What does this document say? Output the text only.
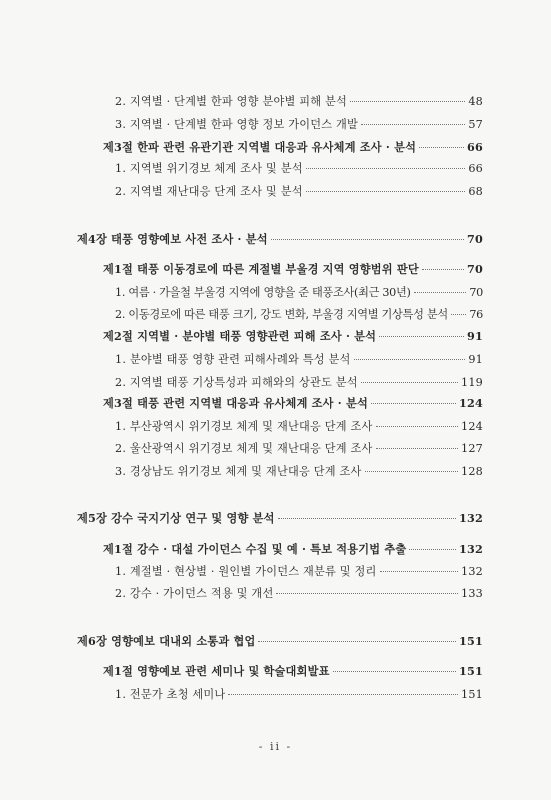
2. 지역별 · 단계별 한파 영향 분야별 피해 분석	48
3. 지역별 · 단계별 한파 영향 정보 가이던스 개발	57
제3절 한파 관련 유관기관 지역별 대응과 유사체계 조사 · 분석	66
1. 지역별 위기경보 체계 조사 및 분석	66
2. 지역별 재난대응 단계 조사 및 분석	68
제4장 태풍 영향예보 사전 조사 · 분석	70
제1절 태풍 이동경로에 따른 계절별 부울경 지역 영향범위 판단	70
1. 여름 · 가을철 부울경 지역에 영향을 준 태풍조사(최근 30년)	70
2. 이동경로에 따른 태풍 크기, 강도 변화, 부울경 지역별 기상특성 분석 76
제2절 지역별 · 분야별 태풍 영향관련 피해 조사 · 분석	91
1. 분야별 태풍 영향 관련 피해사례와 특성 분석	91
2. 지역별 태풍 기상특성과 피해와의 상관도 분석	119
제3절 태풍 관련 지역별 대응과 유사체계 조사 · 분석	124
1. 부산광역시 위기경보 체계 및 재난대응 단계 조사	124
2. 울산광역시 위기경보 체계 및 재난대응 단계 조사	127
3. 경상남도 위기경보 체계 및 재난대응 단계 조사	128
제5장 강수 국지기상 연구 및 영향 분석	132
제1절 강수 · 대설 가이던스 수집 및 예 · 특보 적용기법 추출	132
1. 계절별 · 현상별 · 원인별 가이던스 재분류 및 정리	132
2. 강수 · 가이던스 적용 및 개선	133
제6장 영향예보 대내외 소통과 협업	151
제1절 영향예보 관련 세미나 및 학술대회발표	151
1. 전문가 초청 세미나	151
- ii -
